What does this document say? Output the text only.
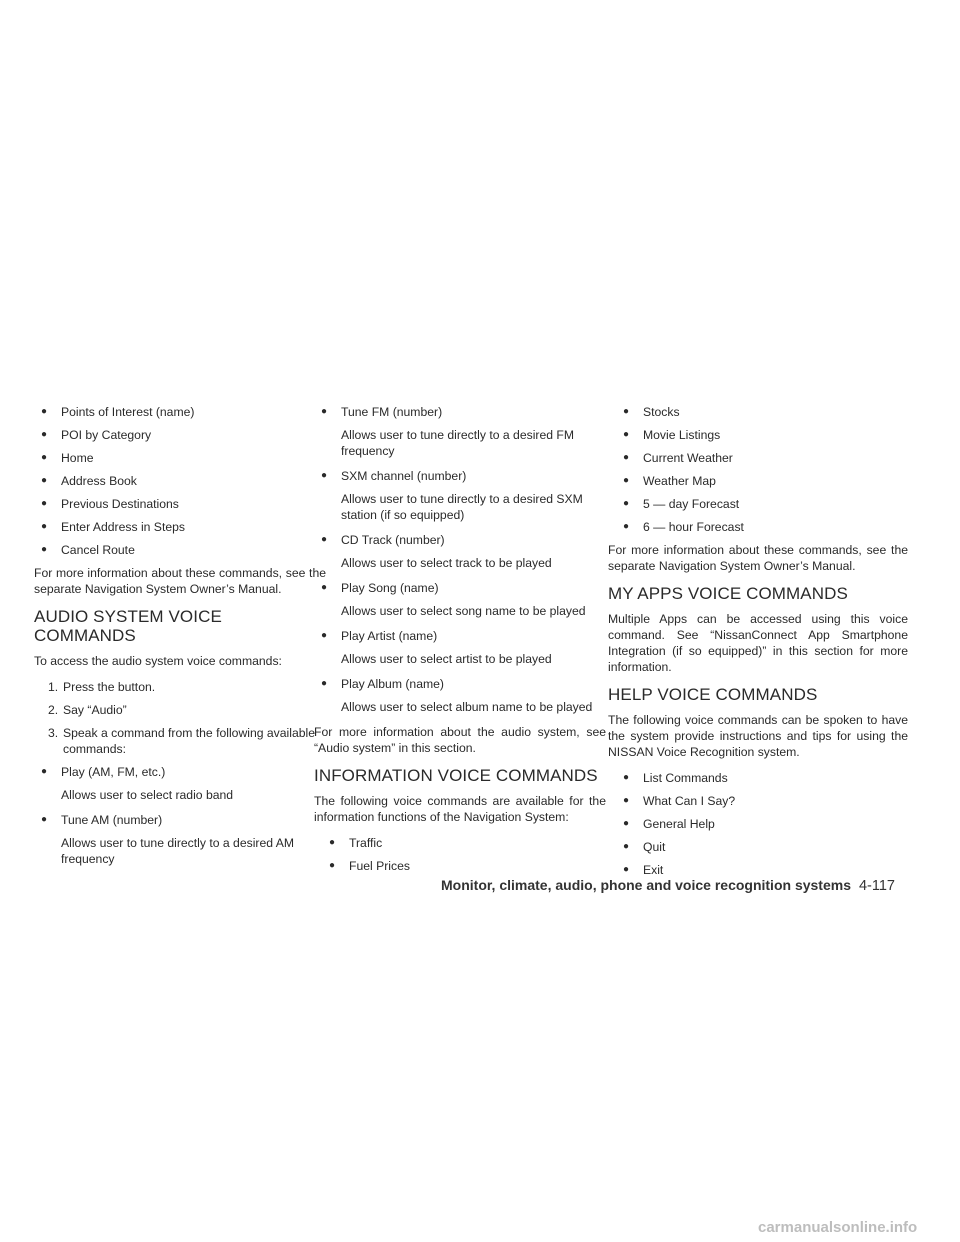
● Points of Interest (name)
● POI by Category
● Home
● Address Book
● Previous Destinations
● Enter Address in Steps
● Cancel Route

For more information about these commands, see the separate Navigation System Owner’s Manual.

AUDIO SYSTEM VOICE COMMANDS

To access the audio system voice commands:

1. Press the button.
2. Say “Audio”
3. Speak a command from the following available commands:
● Play (AM, FM, etc.)
Allows user to select radio band
● Tune AM (number)
Allows user to tune directly to a desired AM frequency
● Tune FM (number)
Allows user to tune directly to a desired FM frequency
● SXM channel (number)
Allows user to tune directly to a desired SXM station (if so equipped)
● CD Track (number)
Allows user to select track to be played
● Play Song (name)
Allows user to select song name to be played
● Play Artist (name)
Allows user to select artist to be played
● Play Album (name)
Allows user to select album name to be played

For more information about the audio system, see “Audio system” in this section.

INFORMATION VOICE COMMANDS

The following voice commands are available for the information functions of the Navigation System:

● Traffic
● Fuel Prices
● Stocks
● Movie Listings
● Current Weather
● Weather Map
● 5 — day Forecast
● 6 — hour Forecast

For more information about these commands, see the separate Navigation System Owner’s Manual.

MY APPS VOICE COMMANDS

Multiple Apps can be accessed using this voice command. See “NissanConnect App Smartphone Integration (if so equipped)” in this section for more information.

HELP VOICE COMMANDS

The following voice commands can be spoken to have the system provide instructions and tips for using the NISSAN Voice Recognition system.

● List Commands
● What Can I Say?
● General Help
● Quit
● Exit
Monitor, climate, audio, phone and voice recognition systems 4-117
carmanualsonline.info
